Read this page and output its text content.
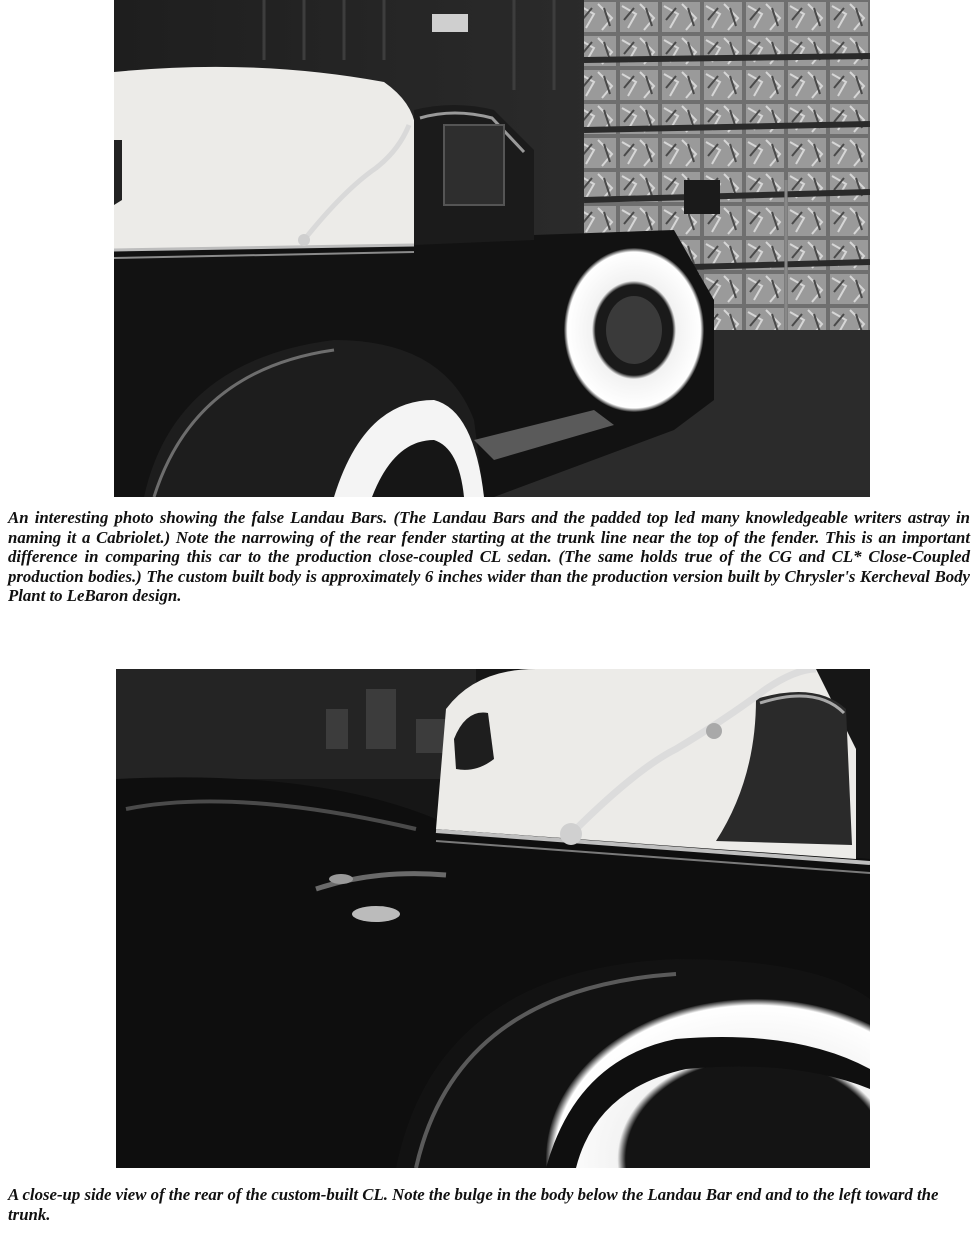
An interesting photo showing the false Landau Bars. (The Landau Bars and the padded top led many knowledgeable writers astray in naming it a Cabriolet.) Note the narrowing of the rear fender starting at the trunk line near the top of the fender. This is an important difference in comparing this car to the production close-coupled CL sedan. (The same holds true of the CG and CL* Close-Coupled production bodies.) The custom built body is approximately 6 inches wider than the production version built by Chrysler's Kercheval Body Plant to LeBaron design.
A close-up side view of the rear of the custom-built CL. Note the bulge in the body below the Landau Bar end and to the left toward the trunk.
